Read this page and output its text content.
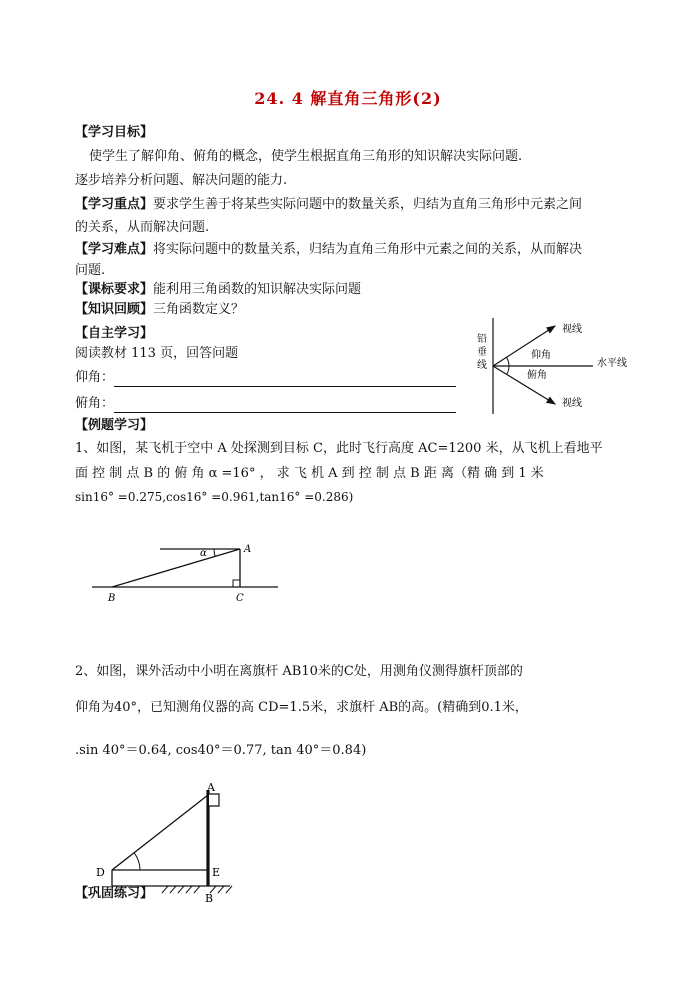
24. 4 解直角三角形(2)
【学习目标】
使学生了解仰角、俯角的概念，使学生根据直角三角形的知识解决实际问题.
逐步培养分析问题、解决问题的能力.
【学习重点】要求学生善于将某些实际问题中的数量关系，归结为直角三角形中元素之间
的关系，从而解决问题.
【学习难点】将实际问题中的数量关系，归结为直角三角形中元素之间的关系，从而解决
问题.
【课标要求】能利用三角函数的知识解决实际问题
【知识回顾】三角函数定义？
【自主学习】
阅读教材 113 页，回答问题
仰角：
俯角：
铅
垂
线
视线
仰角
水平线
俯角
视线
【例题学习】
1、如图，某飞机于空中 A 处探测到目标 C，此时飞行高度 AC=1200 米，从飞机上看地平
面 控 制 点 B 的 俯 角 α =16° ， 求 飞 机 A 到 控 制 点 B 距 离（精 确 到 1 米
sin16° =0.275,cos16° =0.961,tan16° =0.286)
α	A
B	C
2、如图，课外活动中小明在离旗杆 AB10米的C处，用测角仪测得旗杆顶部的
仰角为40°，已知测角仪器的高 CD=1.5米，求旗杆 AB的高。(精确到0.1米，
.sin 40°＝0.64, cos40°＝0.77, tan 40°＝0.84)
A
D	E
B
【巩固练习】
